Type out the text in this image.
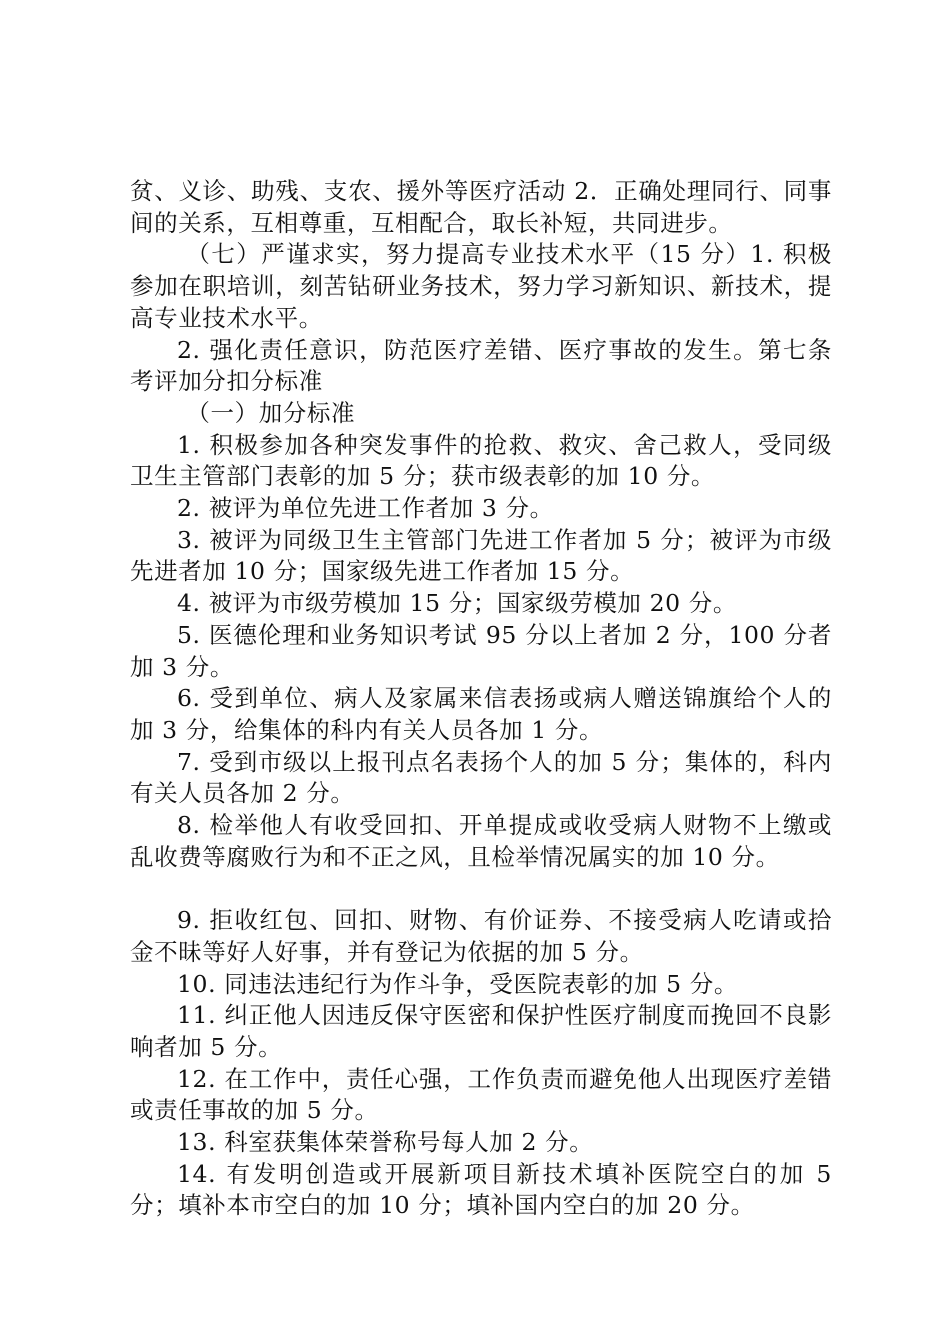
贫、义诊、助残、支农、援外等医疗活动 2．正确处理同行、同事间的关系，互相尊重，互相配合，取长补短，共同进步。

（七）严谨求实，努力提高专业技术水平（15 分）1. 积极参加在职培训，刻苦钻研业务技术，努力学习新知识、新技术，提高专业技术水平。

2. 强化责任意识，防范医疗差错、医疗事故的发生。第七条考评加分扣分标准

（一）加分标准

1. 积极参加各种突发事件的抢救、救灾、舍己救人，受同级卫生主管部门表彰的加 5 分；获市级表彰的加 10 分。

2. 被评为单位先进工作者加 3 分。

3. 被评为同级卫生主管部门先进工作者加 5 分；被评为市级先进者加 10 分；国家级先进工作者加 15 分。

4. 被评为市级劳模加 15 分；国家级劳模加 20 分。

5. 医德伦理和业务知识考试 95 分以上者加 2 分，100 分者加 3 分。

6. 受到单位、病人及家属来信表扬或病人赠送锦旗给个人的加 3 分，给集体的科内有关人员各加 1 分。

7. 受到市级以上报刊点名表扬个人的加 5 分；集体的，科内有关人员各加 2 分。

8. 检举他人有收受回扣、开单提成或收受病人财物不上缴或乱收费等腐败行为和不正之风，且检举情况属实的加 10 分。

9. 拒收红包、回扣、财物、有价证券、不接受病人吃请或拾金不昧等好人好事，并有登记为依据的加 5 分。

10. 同违法违纪行为作斗争，受医院表彰的加 5 分。

11. 纠正他人因违反保守医密和保护性医疗制度而挽回不良影响者加 5 分。

12. 在工作中，责任心强，工作负责而避免他人出现医疗差错或责任事故的加 5 分。

13. 科室获集体荣誉称号每人加 2 分。

14. 有发明创造或开展新项目新技术填补医院空白的加 5 分；填补本市空白的加 10 分；填补国内空白的加 20 分。
